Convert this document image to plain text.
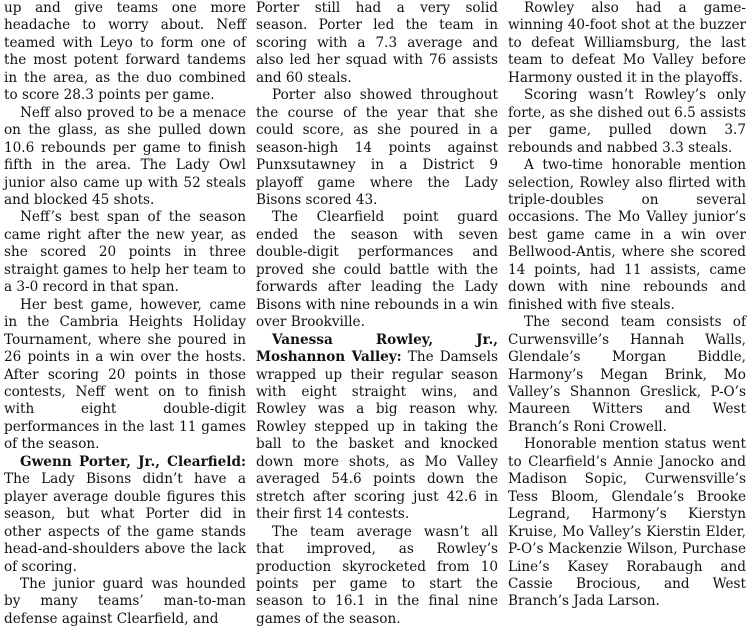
up and give teams one more headache to worry about. Neff teamed with Leyo to form one of the most potent forward tandems in the area, as the duo combined to score 28.3 points per game.

Neff also proved to be a menace on the glass, as she pulled down 10.6 rebounds per game to finish fifth in the area. The Lady Owl junior also came up with 52 steals and blocked 45 shots.

Neff’s best span of the season came right after the new year, as she scored 20 points in three straight games to help her team to a 3-0 record in that span.

Her best game, however, came in the Cambria Heights Holiday Tournament, where she poured in 26 points in a win over the hosts. After scoring 20 points in those contests, Neff went on to finish with eight double-digit performances in the last 11 games of the season.

Gwenn Porter, Jr., Clearfield: The Lady Bisons didn’t have a player average double figures this season, but what Porter did in other aspects of the game stands head-and-shoulders above the lack of scoring.

The junior guard was hounded by many teams’ man-to-man defense against Clearfield, and

Porter still had a very solid season. Porter led the team in scoring with a 7.3 average and also led her squad with 76 assists and 60 steals.

Porter also showed throughout the course of the year that she could score, as she poured in a season-high 14 points against Punxsutawney in a District 9 playoff game where the Lady Bisons scored 43.

The Clearfield point guard ended the season with seven double-digit performances and proved she could battle with the forwards after leading the Lady Bisons with nine rebounds in a win over Brookville.

Vanessa Rowley, Jr., Moshannon Valley: The Damsels wrapped up their regular season with eight straight wins, and Rowley was a big reason why. Rowley stepped up in taking the ball to the basket and knocked down more shots, as Mo Valley averaged 54.6 points down the stretch after scoring just 42.6 in their first 14 contests.

The team average wasn’t all that improved, as Rowley’s production skyrocketed from 10 points per game to start the season to 16.1 in the final nine games of the season.

Rowley also had a game-winning 40-foot shot at the buzzer to defeat Williamsburg, the last team to defeat Mo Valley before Harmony ousted it in the playoffs.

Scoring wasn’t Rowley’s only forte, as she dished out 6.5 assists per game, pulled down 3.7 rebounds and nabbed 3.3 steals.

A two-time honorable mention selection, Rowley also flirted with triple-doubles on several occasions. The Mo Valley junior’s best game came in a win over Bellwood-Antis, where she scored 14 points, had 11 assists, came down with nine rebounds and finished with five steals.

The second team consists of Curwensville’s Hannah Walls, Glendale’s Morgan Biddle, Harmony’s Megan Brink, Mo Valley’s Shannon Greslick, P-O’s Maureen Witters and West Branch’s Roni Crowell.

Honorable mention status went to Clearfield’s Annie Janocko and Madison Sopic, Curwensville’s Tess Bloom, Glendale’s Brooke Legrand, Harmony’s Kierstyn Kruise, Mo Valley’s Kierstin Elder, P-O’s Mackenzie Wilson, Purchase Line’s Kasey Rorabaugh and Cassie Brocious, and West Branch’s Jada Larson.
